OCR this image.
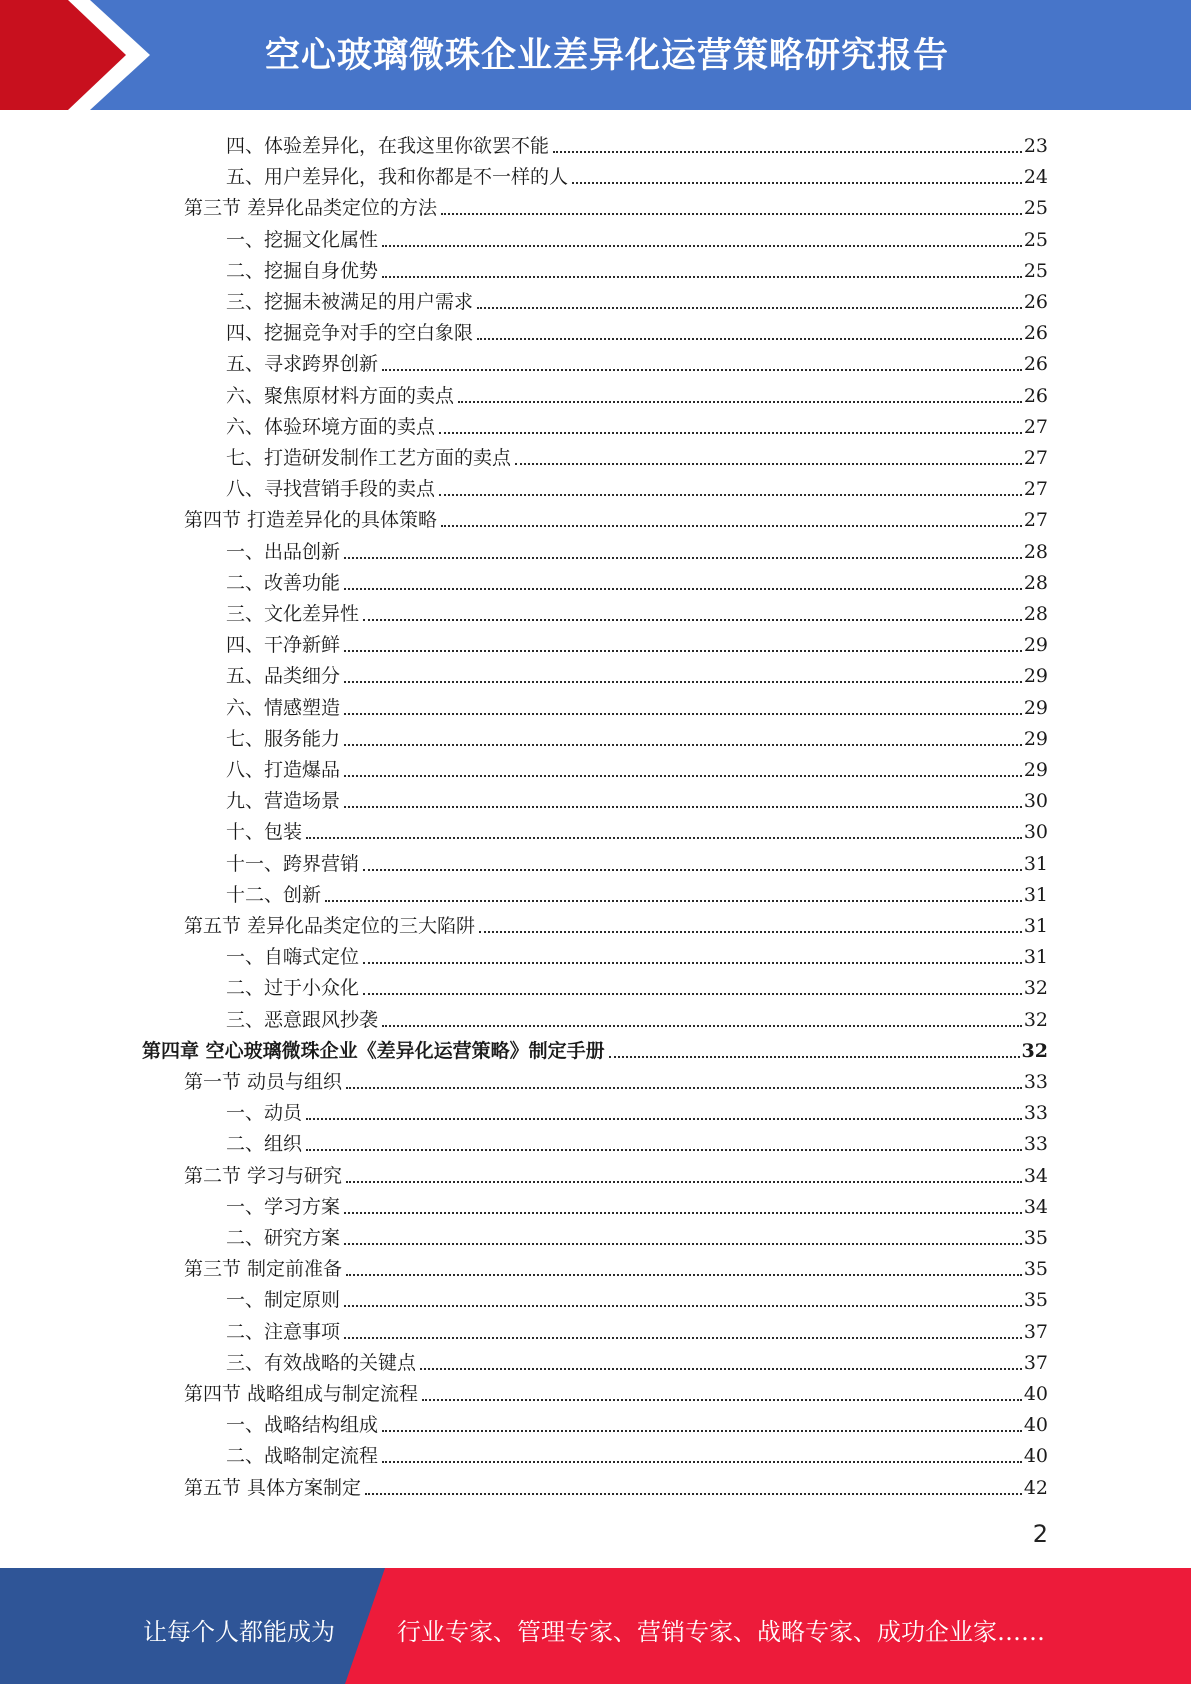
空心玻璃微珠企业差异化运营策略研究报告
四、体验差异化，在我这里你欲罢不能	23
五、用户差异化，我和你都是不一样的人	24
第三节 差异化品类定位的方法	25
一、挖掘文化属性	25
二、挖掘自身优势	25
三、挖掘未被满足的用户需求	26
四、挖掘竞争对手的空白象限	26
五、寻求跨界创新	26
六、聚焦原材料方面的卖点	26
六、体验环境方面的卖点	27
七、打造研发制作工艺方面的卖点	27
八、寻找营销手段的卖点	27
第四节 打造差异化的具体策略	27
一、出品创新	28
二、改善功能	28
三、文化差异性	28
四、干净新鲜	29
五、品类细分	29
六、情感塑造	29
七、服务能力	29
八、打造爆品	29
九、营造场景	30
十、包装	30
十一、跨界营销	31
十二、创新	31
第五节 差异化品类定位的三大陷阱	31
一、自嗨式定位	31
二、过于小众化	32
三、恶意跟风抄袭	32
第四章 空心玻璃微珠企业《差异化运营策略》制定手册	32
第一节 动员与组织	33
一、动员	33
二、组织	33
第二节 学习与研究	34
一、学习方案	34
二、研究方案	35
第三节 制定前准备	35
一、制定原则	35
二、注意事项	37
三、有效战略的关键点	37
第四节 战略组成与制定流程	40
一、战略结构组成	40
二、战略制定流程	40
第五节 具体方案制定	42
2
让每个人都能成为	行业专家、管理专家、营销专家、战略专家、成功企业家……
